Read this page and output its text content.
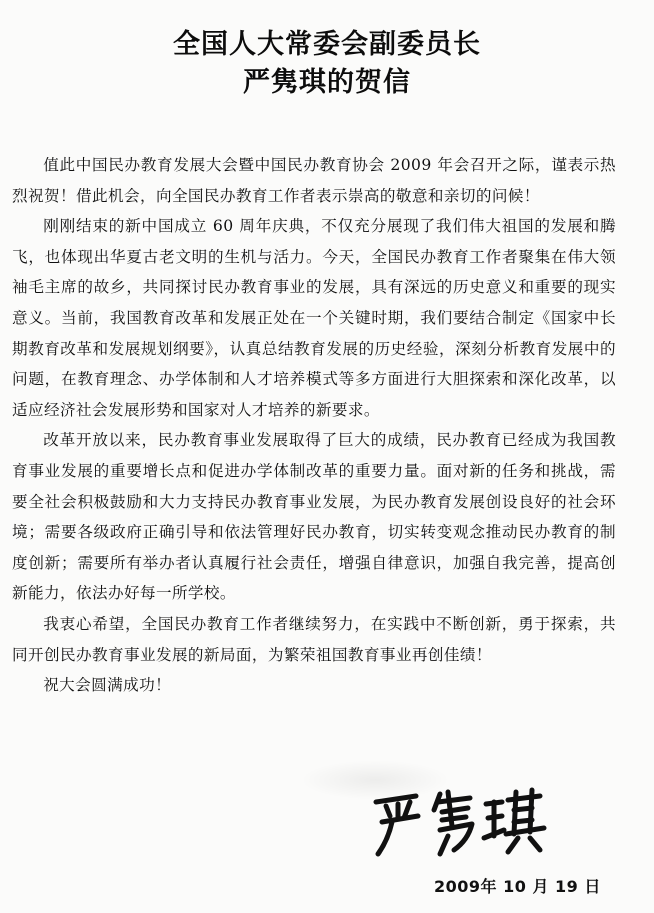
全国人大常委会副委员长
严隽琪的贺信

值此中国民办教育发展大会暨中国民办教育协会 2009 年会召开之际，谨表示热烈祝贺！借此机会，向全国民办教育工作者表示崇高的敬意和亲切的问候！

刚刚结束的新中国成立 60 周年庆典，不仅充分展现了我们伟大祖国的发展和腾飞，也体现出华夏古老文明的生机与活力。今天，全国民办教育工作者聚集在伟大领袖毛主席的故乡，共同探讨民办教育事业的发展，具有深远的历史意义和重要的现实意义。当前，我国教育改革和发展正处在一个关键时期，我们要结合制定《国家中长期教育改革和发展规划纲要》，认真总结教育发展的历史经验，深刻分析教育发展中的问题，在教育理念、办学体制和人才培养模式等多方面进行大胆探索和深化改革，以适应经济社会发展形势和国家对人才培养的新要求。

改革开放以来，民办教育事业发展取得了巨大的成绩，民办教育已经成为我国教育事业发展的重要增长点和促进办学体制改革的重要力量。面对新的任务和挑战，需要全社会积极鼓励和大力支持民办教育事业发展，为民办教育发展创设良好的社会环境；需要各级政府正确引导和依法管理好民办教育，切实转变观念推动民办教育的制度创新；需要所有举办者认真履行社会责任，增强自律意识，加强自我完善，提高创新能力，依法办好每一所学校。

我衷心希望，全国民办教育工作者继续努力，在实践中不断创新，勇于探索，共同开创民办教育事业发展的新局面，为繁荣祖国教育事业再创佳绩！

祝大会圆满成功！

2009年 10 月 19 日
